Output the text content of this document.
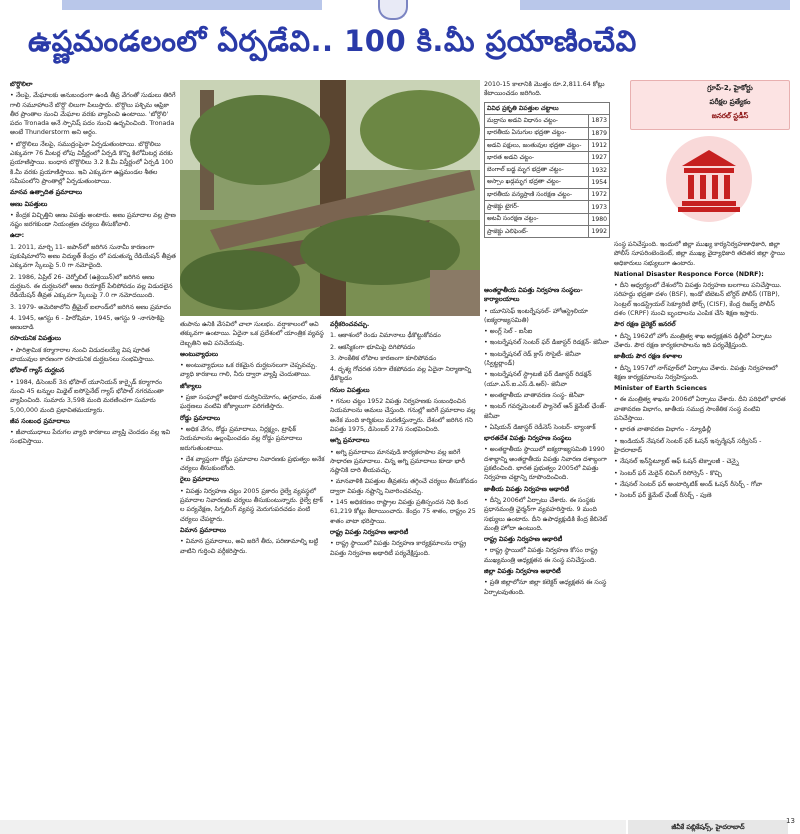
ఉష్ణమండలంలో ఏర్పడేవి.. 100 కి.మీ ప్రయాణించేవి

బొర్డొలిలా

• నేలపై, మేఘాలకు అనుబంధంగా ఉండి తీవ్ర వేగంతో సుడులు తిరిగే గాలి సమూహాలనే బొర్డొ లిలుగా పిలుస్తారు. బొర్డొలు పశ్చిమ ఆఫ్రికా తీర ప్రాంతాల నుంచి మేఘాల వరకు వ్యాపించి ఉంటాయి. 'బోర్డొలి' పదం Tronada అనే స్పానిష్ పదం నుంచి ఉద్భవించింది. Tronada అంటే Thunderstorm అని అర్థం.

• బొర్డొలిలు నేలపై, సముద్రంపైనా ఏర్పడుతుంటాయి. బొర్డొలిలు ఎక్కువగా 76 మీటర్ల లోపు విస్తీర్ణంలో ఏర్పడి కొన్ని కిలోమీటర్ల వరకు ప్రయాణిస్తాయి. బంధాన బొర్డొలిలు 3.2 కి.మీ విస్తీర్ణంలో ఏర్పడి 100 కి.మీ వరకు ప్రయాణిస్తాయి. ఇవి ఎక్కువగా ఉష్ణమండల శీతల సమీపంలోని ప్రాంతాల్లో ఏర్పడుతుంటాయి.

మానవ ఉత్పాదిత ప్రమాదాలు

అణు విపత్తులు

• కేంద్రక విచ్ఛిత్తిని అణు విపత్తు అంటారు. అణు ప్రమాదాల వల్ల ప్రాణ నష్టం జరగకుండా నియంత్రణ చర్యలు తీసుకోవాలి.

ఉదా:

1. 2011, మార్చి 11- జపాన్‌లో జరిగిన సునామీ కారణంగా పుకుషిమాలోని అణు విద్యుత్ కేంద్రం లో పడుతున్న రేడియేషన్ తీవ్రత ఎక్కువగా స్కేలుపై 5.0 గా నమోదైంది.

2. 1986, ఏప్రిల్ 26- చెర్నోబిల్ (ఉక్రెయిన్)లో జరిగిన అణు దుర్ఘటన. ఈ దుర్ఘటనలో అణు రియాక్టర్ పేలిపోవడం వల్ల విడుదలైన రేడియేషన్ తీవ్రత ఎక్కువగా స్కేలుపై 7.0 గా నమోదయింది.

3. 1979- అమెరికాలోని త్రీమైల్ ఐలాండ్‌లో జరిగిన అణు ప్రమాదం

4. 1945, ఆగస్టు 6 - హిరోషిమా, 1945, ఆగస్టు 9 -నాగసాకిపై అణుదాడి

రసాయనిక విపత్తులు

• పారిశ్రామిక కర్మాగారాల నుంచి విడుదలయ్యే విష పూరిత వాయువుల కారణంగా రసాయనిక దుర్ఘటనలు సంభవిస్తాయి.

భోపాల్ గ్యాస్ దుర్ఘటన

• 1984, డిసెంబర్ 3న భోపాల్ యూనియన్ కార్బైడ్ కర్మాగారం నుంచి 45 టన్నుల మిథైల్ ఐసోసైనేట్ గ్యాస్ భోపాల్ నగరమంతా వ్యాపించింది. సుమారు 3,598 మంది మరణించగా సుమారు 5,00,000 మంది ప్రభావితమయ్యారు.

జీవ సంబంధ ప్రమాదాలు

• జీవాయుధాలు పేరుగల వ్యాధి కారకాలు వ్యాప్తి చెందడం వల్ల ఇవి సంభవిస్తాయి.

తుపాను ఉనికి వేసవిలో చాలా సులభం. వర్షాకాలంలో అవి తక్కువగా ఉంటాయి. ఏదైనా ఒక ప్రదేశంలో యాంత్రిక వ్యవస్థ దెబ్బతిని అవి పనిచేయవు.

అంటువ్యాధులు

• అంటువ్యాధులు ఒక రకమైన దుర్ఘటనలుగా చెప్పవచ్చు. వ్యాధి కారకాలు గాలి, నీరు ద్వారా వ్యాప్తి చెందుతాయి.

జోక్యాలు

• ప్రజా సంఘాల్లో అధికార దుర్వినియోగం, ఉగ్రవాదం, మత ఘర్షణలు వంటివి జోక్యాలుగా పరిగణిస్తారు.

రోడ్డు ప్రమాదాలు

• అధిక వేగం, రోడ్డు ప్రమాదాలు, నిర్లక్ష్యం, ట్రాఫిక్ నియమాలను ఉల్లంఘించడం వల్ల రోడ్డు ప్రమాదాలు జరుగుతుంటాయి.

• దేశ వ్యాప్తంగా రోడ్డు ప్రమాదాల నివారణకు ప్రభుత్వం అనేక చర్యలు తీసుకుంటోంది.

రైలు ప్రమాదాలు

• విపత్తు నిర్వహణ చట్టం 2005 ప్రకారం రైల్వే వ్యవస్థలో ప్రమాదాల నివారణకు చర్యలు తీసుకుంటున్నారు. రైల్వే ట్రాక్ ల పర్యవేక్షణ, సిగ్నలింగ్ వ్యవస్థ మెరుగుపరచడం వంటి చర్యలు చేపట్టారు.

విమాన ప్రమాదాలు

• విమాన ప్రమాదాలు, అవి జరిగే తీరు, పరిణామాల్ని బట్టి వాటిని గుర్తించి వర్గీకరిస్తారు.

వర్గీకరించవచ్చు.

1. ఆకాశంలో రెండు విమానాలు ఢీకొట్టుకోవడం

2. ఆకస్మికంగా భూమిపై దిగిపోవడం

3. సాంకేతిక లోపాల కారణంగా కూలిపోవడం

4. దృశ్య గోచరత సరిగా లేకపోవడం వల్ల ఏదైనా నిర్మాణాన్ని ఢీకొట్టడం

గనుల విపత్తులు

• గనుల చట్టం 1952 విపత్తు నిర్వహణకు సంబంధించిన నియమాలను అమలు చేస్తుంది. గనుల్లో జరిగే ప్రమాదాల వల్ల అనేక మంది కార్మికులు మరణిస్తున్నారు. దేశంలో జరిగిన గని విపత్తు 1975, డిసెంబర్ 27న సంభవించింది.

అగ్ని ప్రమాదాలు

• అగ్ని ప్రమాదాలు మానవుడి కార్యకలాపాల వల్ల జరిగే సాధారణ ప్రమాదాలు. చిన్న అగ్ని ప్రమాదాలు కూడా భారీ నష్టానికి దారి తీయవచ్చు.

• మానవాళికి విపత్తుల తీవ్రతను తగ్గించే చర్యలు తీసుకోవడం ద్వారా విపత్తు నష్టాన్ని నివారించవచ్చు.

• 145 అధికరణం రాష్ట్రాల విపత్తు ప్రతిస్పందన నిధి కింద 61,219 కోట్లు కేటాయించారు. కేంద్రం 75 శాతం, రాష్ట్రం 25 శాతం వాటా భరిస్తాయి.

రాష్ట్ర విపత్తు నిర్వహణ అథారిటీ

• రాష్ట్ర స్థాయిలో విపత్తు నిర్వహణ కార్యక్రమాలను రాష్ట్ర విపత్తు నిర్వహణ అథారిటీ పర్యవేక్షిస్తుంది.

2010-15 కాలానికి మొత్తం రూ.2,811.64 కోట్లు కేటాయించడం జరిగింది.
వివిధ ప్రకృతి విపత్తుల చట్టాలు	
మద్రాసు అడవి విధానం చట్టం-	1873
భారతీయ ఏనుగుల భద్రతా చట్టం-	1879
అడవి పక్షులు, జంతువుల భద్రతా చట్టం-	1912
భారత అడవి చట్టం-	1927
బెంగాల్ బడ్జ మృగ భద్రతా చట్టం-	1932
అస్సాం ఖడ్గమృగ భద్రతా చట్టం-	1954
భారతీయ వన్యప్రాణి సంరక్షణ చట్టం-	1972
ప్రాజెక్టు టైగర్-	1973
అటవీ సంరక్షణ చట్టం-	1980
ప్రాజెక్టు ఎలిఫెంట్-	1992

అంతర్జాతీయ విపత్తు నిర్వహణ సంస్థలు- కార్యాలయాలు

• యూనిసెఫ్ ఇంటర్నేషనల్- హోఆస్ట్రెలియా (ఐక్యరాజ్యసమితి)

• అంగ్ల్ సెల్ - ఐసీఐ

• ఇంటర్నేషనల్ సెంటర్ ఫర్ డిజాస్టర్ రిడక్షన్- జెనీవా

• ఇంటర్నేషనల్ రెడ్ క్రాస్ సొసైటీ- జెనీవా (స్విట్జర్లాండ్)

• ఇంటర్నేషనల్ స్ట్రాటజీ ఫర్ డిజాస్టర్ రిడక్షన్ (యూ.ఎన్.ఐ.ఎస్.డి.ఆర్)- జెనీవా

• అంతర్జాతీయ వాతావరణ సంస్థ- జెనీవా

• ఇంటర్ గవర్నమెంటల్ ప్యానెల్ ఆన్ క్లైమేట్ ఛేంజ్- జెనీవా

• ఏషియన్ డిజాస్టర్ రెడీనెస్ సెంటర్- బ్యాంకాక్

భారతదేశ విపత్తు నిర్వహణ సంస్థలు

• అంతర్జాతీయ స్థాయిలో ఐక్యరాజ్యసమితి 1990 దశాబ్దాన్ని అంతర్జాతీయ విపత్తు నివారణ దశాబ్దంగా ప్రకటించింది. భారత ప్రభుత్వం 2005లో విపత్తు నిర్వహణ చట్టాన్ని రూపొందించింది.

జాతీయ విపత్తు నిర్వహణ అథారిటీ

• దీన్ని 2006లో ఏర్పాటు చేశారు. ఈ సంస్థకు ప్రధానమంత్రి ఛైర్మన్‌గా వ్యవహరిస్తారు. 9 మంది సభ్యులు ఉంటారు. దీని ఉపాధ్యక్షుడికి కేంద్ర కేబినెట్ మంత్రి హోదా ఉంటుంది.

రాష్ట్ర విపత్తు నిర్వహణ అథారిటీ

• రాష్ట్ర స్థాయిలో విపత్తు నిర్వహణ కోసం రాష్ట్ర ముఖ్యమంత్రి అధ్యక్షతన ఈ సంస్థ పనిచేస్తుంది.

జిల్లా విపత్తు నిర్వహణ అథారిటీ

• ప్రతి జిల్లాలోనూ జిల్లా కలెక్టర్ అధ్యక్షతన ఈ సంస్థ ఏర్పాటవుతుంది.

గ్రూప్-2, హైకోర్టు
పరీక్షల ప్రత్యేకం
జనరల్ స్టడీస్

సంస్థ పనిచేస్తుంది. ఇందులో జిల్లా ముఖ్య కార్యనిర్వహణాధికారి, జిల్లా పోలీస్ సూపరింటెండెంట్, జిల్లా ముఖ్య వైద్యాధికారి తదితర జిల్లా స్థాయి అధికారులు సభ్యులుగా ఉంటారు.

National Disaster Responce Force (NDRF):

• దీని ఆధ్వర్యంలో దేశంలోని విపత్తు నిర్వహణ బలగాలు పనిచేస్తాయి. సరిహద్దు భద్రతా దళం (BSF), ఇండో టిబెటన్ బోర్డర్ పోలీస్ (ITBP), సెంట్రల్ ఇండస్ట్రియల్ సెక్యూరిటీ ఫోర్స్ (CISF), కేంద్ర రిజర్వ్ పోలీస్ దళం (CRPF) నుంచి బృందాలను ఎంపిక చేసి శిక్షణ ఇస్తారు.

పౌర రక్షణ డైరెక్టర్ జనరల్

• దీన్ని 1962లో హోం మంత్రిత్వ శాఖ అధ్యక్షతన ఢిల్లీలో ఏర్పాటు చేశారు. పౌర రక్షణ కార్యకలాపాలను ఇది పర్యవేక్షిస్తుంది.

జాతీయ పౌర రక్షణ కళాశాల

• దీన్ని 1957లో నాగ్‌పూర్‌లో ఏర్పాటు చేశారు. విపత్తు నిర్వహణలో శిక్షణ కార్యక్రమాలను నిర్వహిస్తుంది.

Minister of Earth Sciences

• ఈ మంత్రిత్వ శాఖను 2006లో ఏర్పాటు చేశారు. దీని పరిధిలో భారత వాతావరణ విభాగం, జాతీయ సముద్ర సాంకేతిక సంస్థ వంటివి పనిచేస్తాయి.

• భారత వాతావరణ విభాగం - న్యూఢిల్లీ

• ఇండియన్ నేషనల్ సెంటర్ ఫర్ ఓషన్ ఇన్ఫర్మేషన్ సర్వీసెస్ - హైదరాబాద్

• నేషనల్ ఇన్‌స్టిట్యూట్ ఆఫ్ ఓషన్ టెక్నాలజీ - చెన్నై

• సెంటర్ ఫర్ మెరైన్ లివింగ్ రిసోర్సెస్ - కొచ్చి

• నేషనల్ సెంటర్ ఫర్ అంటార్కిటిక్ అండ్ ఓషన్ రీసెర్చ్ - గోవా

• సెంటర్ ఫర్ క్లైమేట్ ఛేంజ్ రీసెర్చ్ - పుణె

జీవీకే పబ్లికేషన్స్, హైదరాబాద్
13
